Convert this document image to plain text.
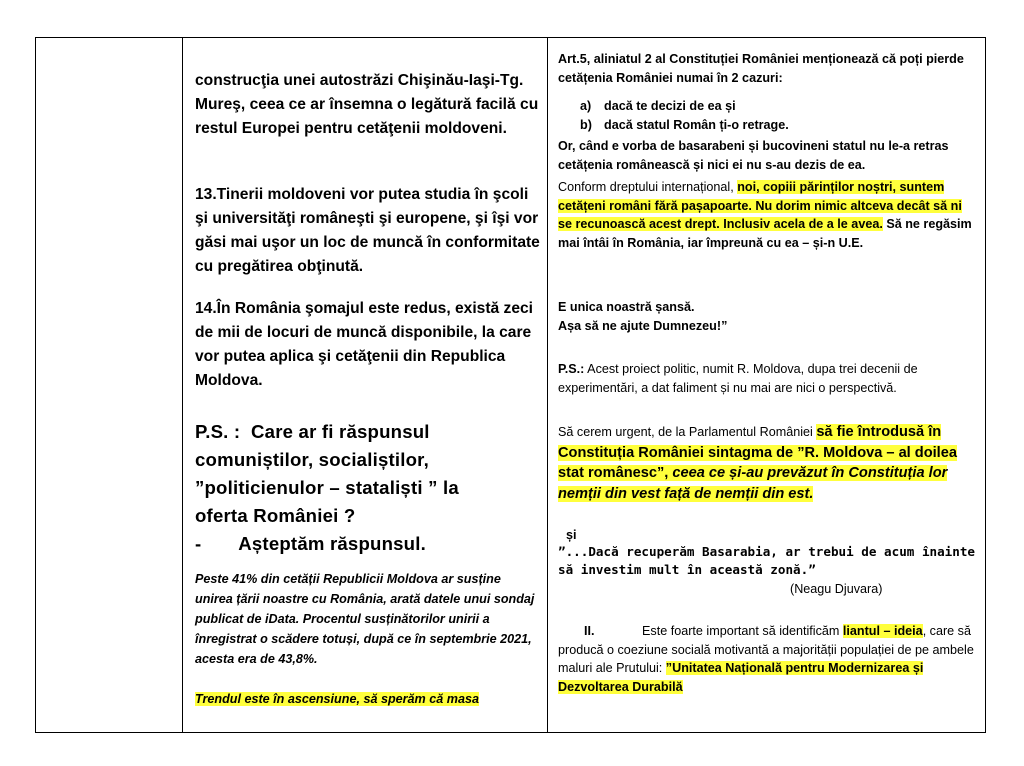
construcţia unei autostrăzi Chişinău-Iaşi-Tg. Mureş, ceea ce ar însemna o legătură facilă cu restul Europei pentru cetăţenii moldoveni.

13.Tinerii moldoveni vor putea studia în şcoli şi universităţi româneşti şi europene, şi îşi vor găsi mai uşor un loc de muncă în conformitate cu pregătirea obţinută.

14.În România şomajul este redus, există zeci de mii de locuri de muncă disponibile, la care vor putea aplica şi cetăţenii din Republica Moldova.

P.S. :  Care ar fi răspunsul
comuniștilor, socialiștilor,
”politicienulor – stataliști ” la
oferta României ?
-       Așteptăm răspunsul.

Peste 41% din cetății Republicii Moldova ar susține unirea țării noastre cu România, arată datele unui sondaj publicat de iData. Procentul susținătorilor unirii a înregistrat o scădere totuși, după ce în septembrie 2021, acesta era de 43,8%.

Trendul este în ascensiune, să sperăm că masa

Art.5, aliniatul 2 al Constituției României menționează că poți pierde cetățenia României numai în 2 cazuri:

a) dacă te decizi de ea și
b) dacă statul Român ți-o retrage.

Or, când e vorba de basarabeni și bucovineni statul nu le-a retras cetățenia românească și nici ei nu s-au dezis de ea.

Conform dreptului internațional, noi, copiii părinților noștri, suntem cetățeni români fără pașapoarte. Nu dorim nimic altceva decât să ni se recunoască acest drept. Inclusiv acela de a le avea. Să ne regăsim mai întâi în România, iar împreună cu ea – și-n U.E.

E unica noastră șansă.

Așa să ne ajute Dumnezeu!”

P.S.: Acest proiect politic, numit R. Moldova, dupa trei decenii de experimentări, a dat faliment și nu mai are nici o perspectivă.

Să cerem urgent, de la Parlamentul României să fie întrodusă în Constituția României sintagma de ”R. Moldova – al doilea stat românesc”, ceea ce și-au prevăzut în Constituția lor nemții din vest față de nemții din est.

și

”...Dacă recuperăm Basarabia, ar trebui de acum înainte să investim mult în această zonă.”

(Neagu Djuvara)

II.	Este foarte important să identificăm liantul – ideia, care să producă o coeziune socială motivantă a majorității populației de pe ambele maluri ale Prutului: ”Unitatea Națională pentru Modernizarea și Dezvoltarea Durabilă
